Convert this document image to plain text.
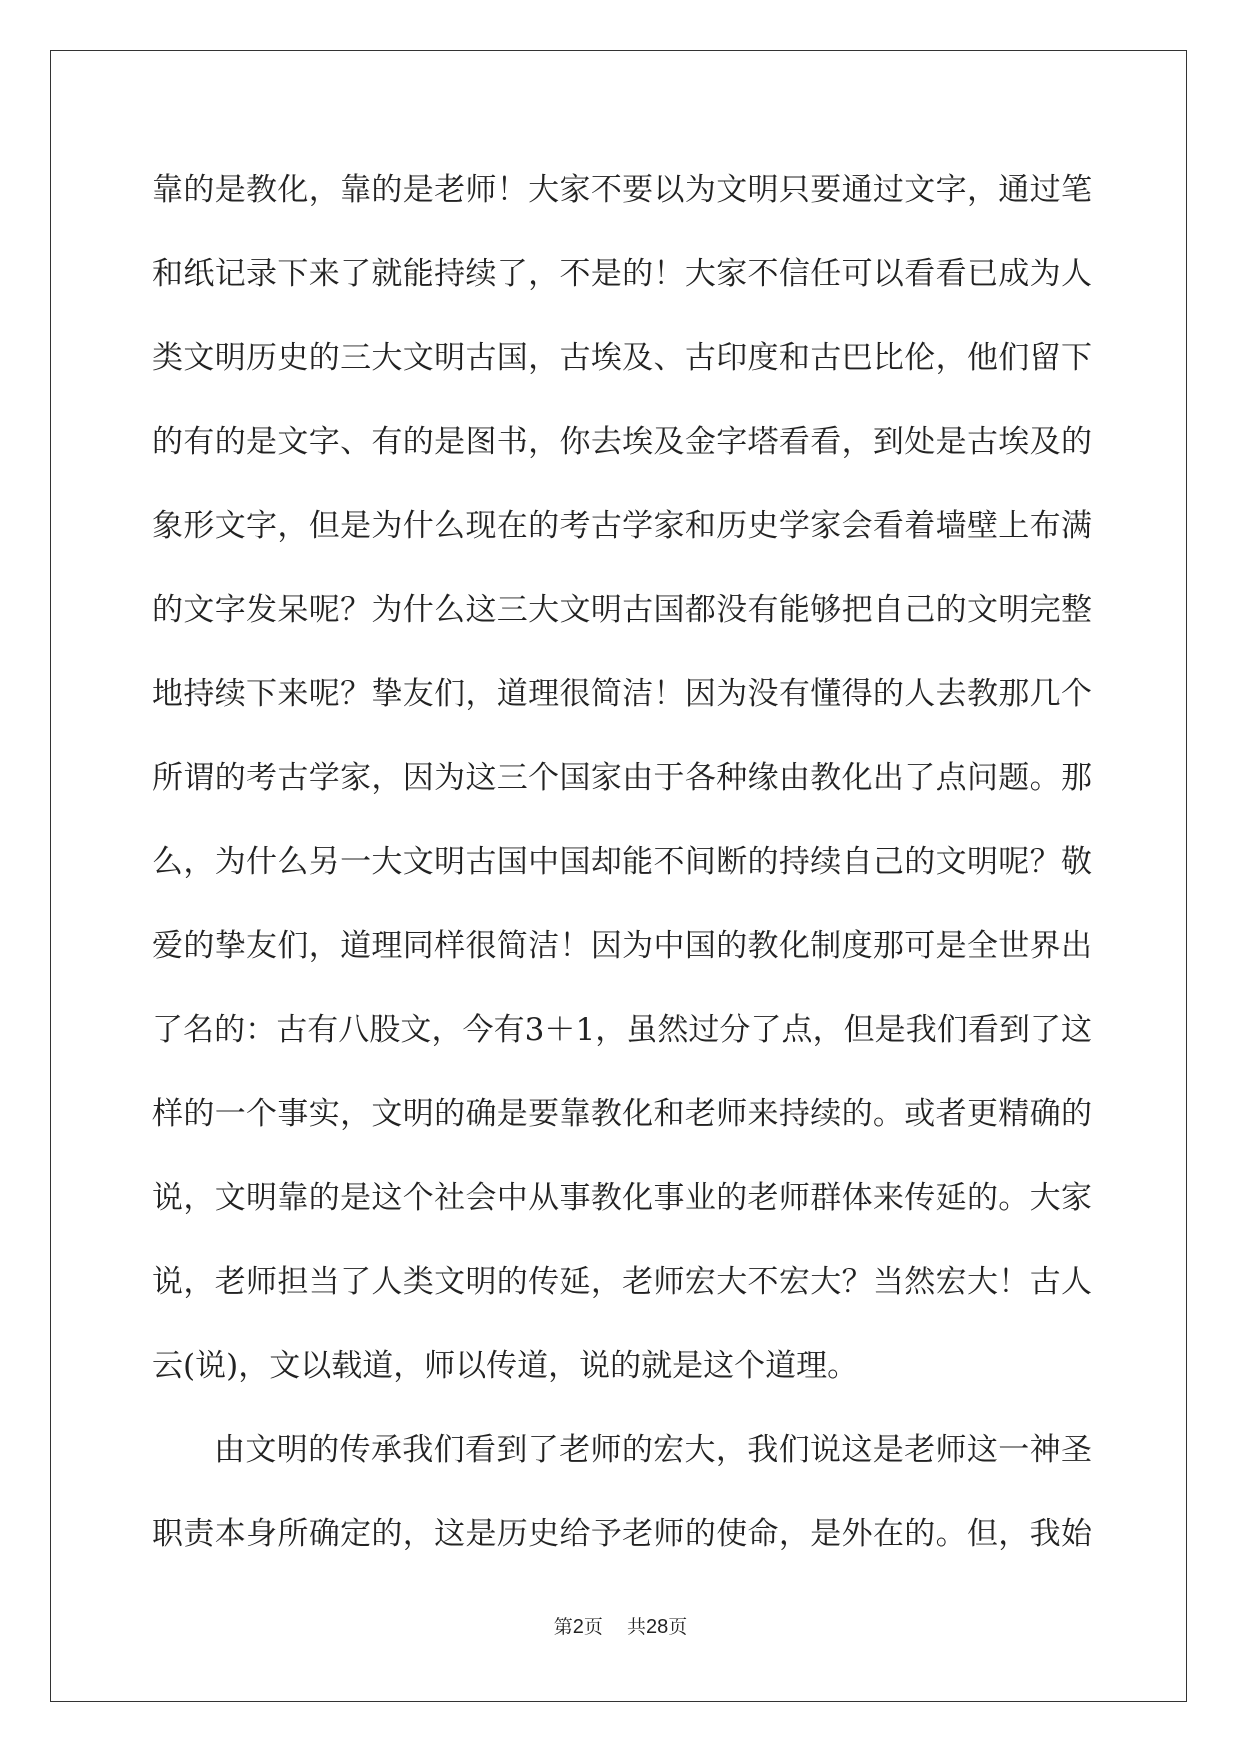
靠的是教化，靠的是老师！大家不要以为文明只要通过文字，通过笔
和纸记录下来了就能持续了，不是的！大家不信任可以看看已成为人
类文明历史的三大文明古国，古埃及、古印度和古巴比伦，他们留下
的有的是文字、有的是图书，你去埃及金字塔看看，到处是古埃及的
象形文字，但是为什么现在的考古学家和历史学家会看着墙壁上布满
的文字发呆呢？为什么这三大文明古国都没有能够把自己的文明完整
地持续下来呢？挚友们，道理很简洁！因为没有懂得的人去教那几个
所谓的考古学家，因为这三个国家由于各种缘由教化出了点问题。那
么，为什么另一大文明古国中国却能不间断的持续自己的文明呢？敬
爱的挚友们，道理同样很简洁！因为中国的教化制度那可是全世界出
了名的：古有八股文，今有3＋1，虽然过分了点，但是我们看到了这
样的一个事实，文明的确是要靠教化和老师来持续的。或者更精确的
说，文明靠的是这个社会中从事教化事业的老师群体来传延的。大家
说，老师担当了人类文明的传延，老师宏大不宏大？当然宏大！古人
云(说)，文以载道，师以传道，说的就是这个道理。

由文明的传承我们看到了老师的宏大，我们说这是老师这一神圣
职责本身所确定的，这是历史给予老师的使命，是外在的。但，我始

第2页 共28页
